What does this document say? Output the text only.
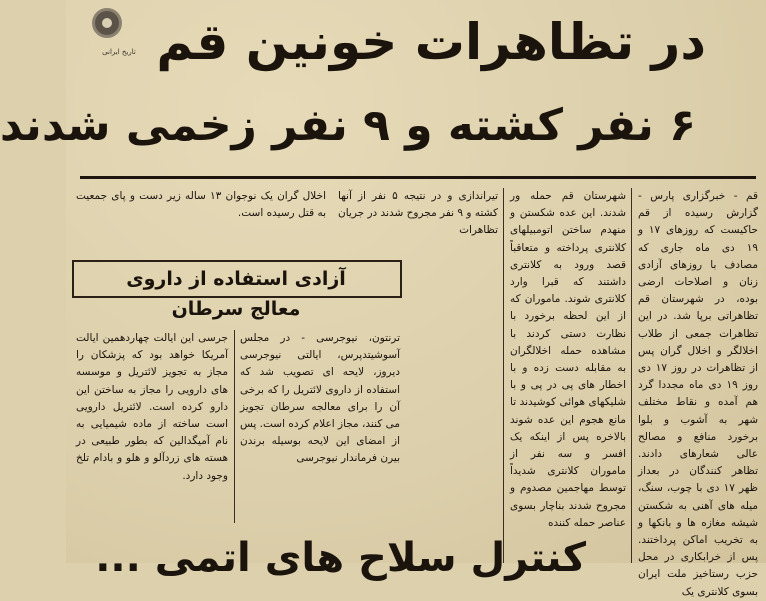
تاریخ ایرانی در تظاهرات خونین قم
۶ نفر کشته و ۹ نفر زخمی شدند
قم - خبرگزاری پارس - گزارش رسیده از قم حاکیست که روزهای ۱۷ و ۱۹ دی ماه جاری که مصادف با روزهای آزادی زنان و اصلاحات ارضی بوده، در شهرستان قم تظاهراتی برپا شد. در این تظاهرات جمعی از طلاب اخلالگر و اخلال گران پس از تظاهرات در روز ۱۷ دی روز ۱۹ دی ماه مجددا گرد هم آمده و نقاط مختلف شهر به آشوب و بلوا برخورد منافع و مصالح عالی شعارهای دادند. تظاهر کنندگان در بعداز ظهر ۱۷ دی با چوب، سنگ، میله های آهنی به شکستن شیشه مغازه ها و بانکها و به تخریب اماکن پرداختند. پس از خرابکاری در محل حزب رستاخیز ملت ایران بسوی کلانتری یک
شهرستان قم حمله ور شدند. این عده شکستن و منهدم ساختن اتومبیلهای کلانتری پرداخته و متعاقباً قصد ورود به کلانتری داشتند که قبرا وارد کلانتری شوند. ماموران که از این لحظه برخورد با نظارت دستی کردند با مشاهده حمله اخلالگران به مقابله دست زده و با اخطار های پی در پی و با شلیکهای هوائی کوشیدند تا مانع هجوم این عده شوند بالاخره پس از اینکه یک افسر و سه نفر از ماموران کلانتری شدیداً توسط مهاجمین مصدوم و مجروح شدند بناچار بسوی عناصر حمله کننده
تیراندازی و در نتیجه ۵ نفر از آنها کشته و ۹ نفر مجروح شدند در جریان تظاهرات
اخلال گران یک نوجوان ۱۳ ساله زیر دست و پای جمعیت به قتل رسیده است.
آزادی استفاده از داروی
معالج سرطان
جرسی این ایالت چهاردهمین ایالت آمریکا خواهد بود که پزشکان را مجاز به تجویز لائتریل و موسسه های دارویی را مجاز به ساختن این دارو کرده است. لائتریل دارویی است ساخته از ماده شیمیایی به نام آمیگدالین که بطور طبیعی در هسته های زردآلو و هلو و بادام تلخ وجود دارد.
ترنتون، نیوجرسی - در مجلس آسوشیتدپرس، ایالتی نیوجرسی دیروز، لایحه ای تصویب شد که استفاده از داروی لائتریل را که برخی آن را برای معالجه سرطان تجویز می کنند، مجاز اعلام کرده است. پس از امضای این لایحه بوسیله برندن بیرن فرماندار نیوجرسی
کنترل سلاح های اتمی ...
